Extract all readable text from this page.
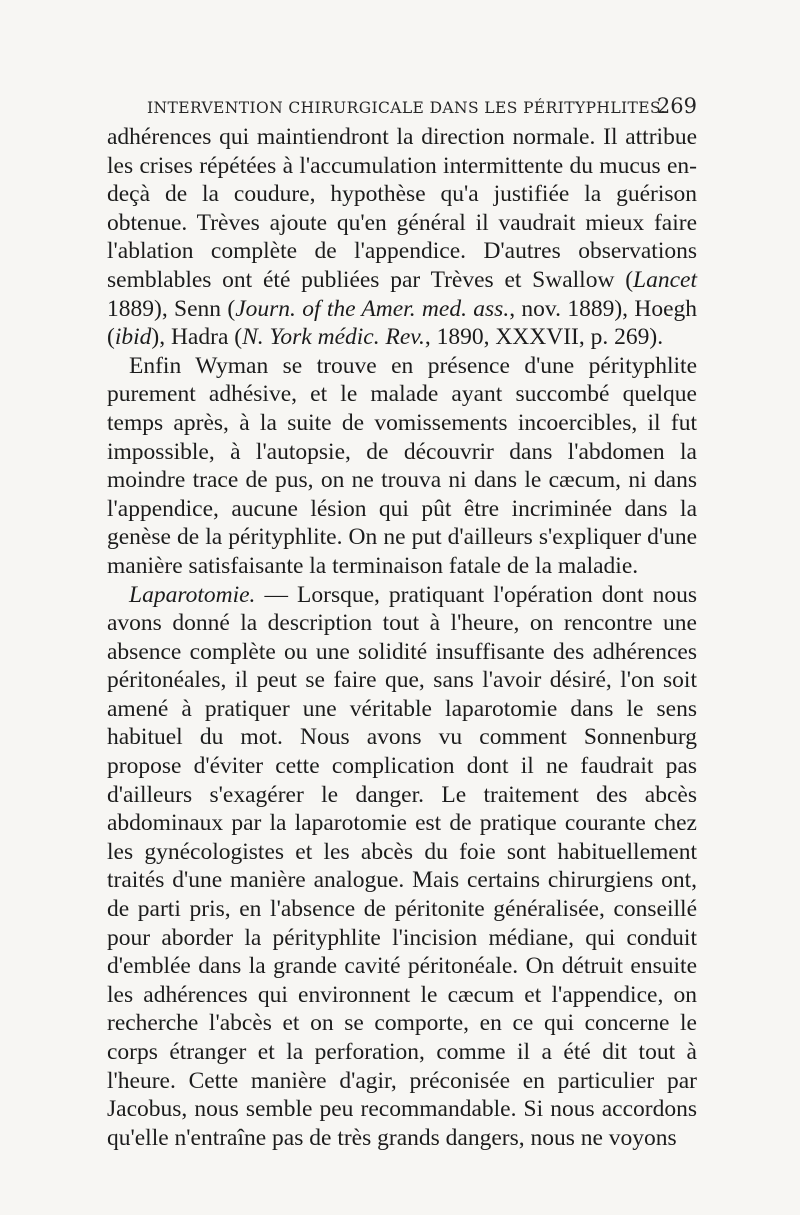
INTERVENTION CHIRURGICALE DANS LES PÉRITYPHLITES.
269

adhérences qui maintiendront la direction normale. Il attribue les crises répétées à l'accumulation intermittente du mucus en-deçà de la coudure, hypothèse qu'a justifiée la guérison obtenue. Trèves ajoute qu'en général il vaudrait mieux faire l'ablation complète de l'appendice. D'autres observations semblables ont été publiées par Trèves et Swallow (Lancet 1889), Senn (Journ. of the Amer. med. ass., nov. 1889), Hoegh (ibid), Hadra (N. York médic. Rev., 1890, XXXVII, p. 269).

Enfin Wyman se trouve en présence d'une pérityphlite purement adhésive, et le malade ayant succombé quelque temps après, à la suite de vomissements incoercibles, il fut impossible, à l'autopsie, de découvrir dans l'abdomen la moindre trace de pus, on ne trouva ni dans le cæcum, ni dans l'appendice, aucune lésion qui pût être incriminée dans la genèse de la pérityphlite. On ne put d'ailleurs s'expliquer d'une manière satisfaisante la terminaison fatale de la maladie.

Laparotomie. — Lorsque, pratiquant l'opération dont nous avons donné la description tout à l'heure, on rencontre une absence complète ou une solidité insuffisante des adhérences péritonéales, il peut se faire que, sans l'avoir désiré, l'on soit amené à pratiquer une véritable laparotomie dans le sens habituel du mot. Nous avons vu comment Sonnenburg propose d'éviter cette complication dont il ne faudrait pas d'ailleurs s'exagérer le danger. Le traitement des abcès abdominaux par la laparotomie est de pratique courante chez les gynécologistes et les abcès du foie sont habituellement traités d'une manière analogue. Mais certains chirurgiens ont, de parti pris, en l'absence de péritonite généralisée, conseillé pour aborder la pérityphlite l'incision médiane, qui conduit d'emblée dans la grande cavité péritonéale. On détruit ensuite les adhérences qui environnent le cæcum et l'appendice, on recherche l'abcès et on se comporte, en ce qui concerne le corps étranger et la perforation, comme il a été dit tout à l'heure. Cette manière d'agir, préconisée en particulier par Jacobus, nous semble peu recommandable. Si nous accordons qu'elle n'entraîne pas de très grands dangers, nous ne voyons
